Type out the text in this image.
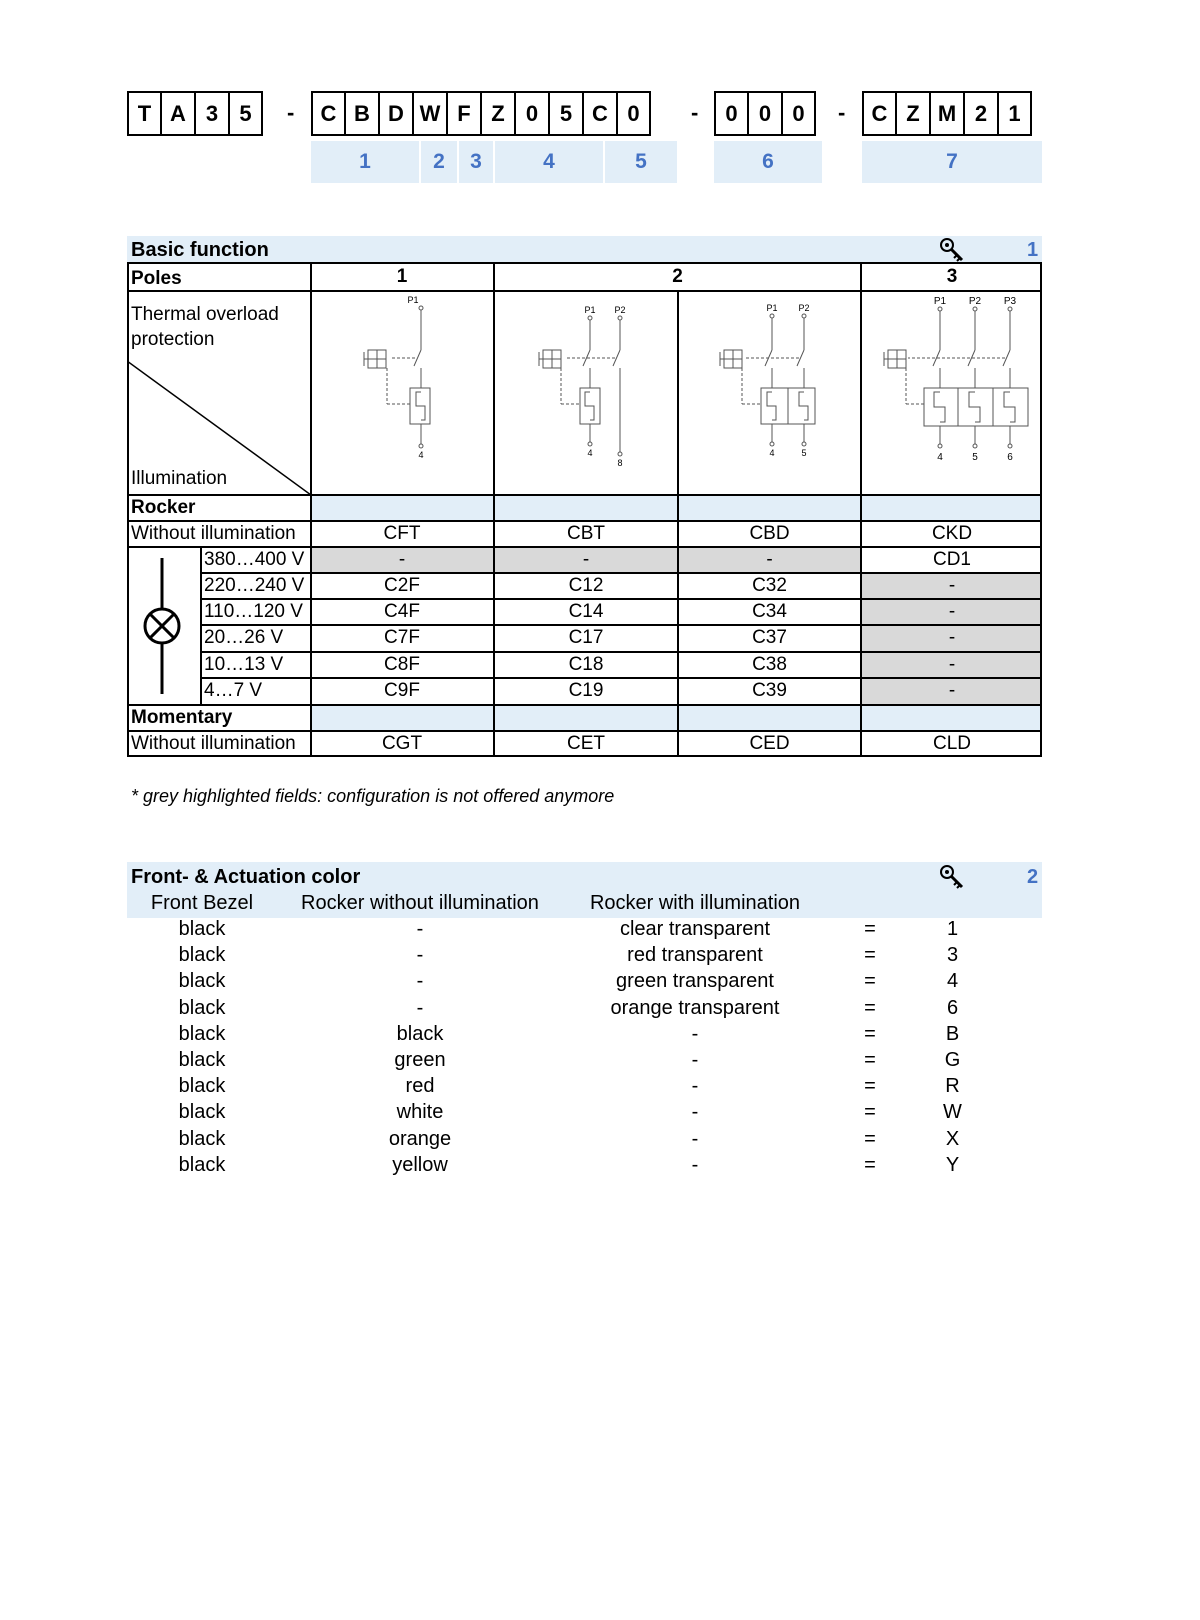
T A 3 5	-	C B D W F Z 0 5 C 0	-	0 0 0	-	C Z M 2 1
1	2	3	4	5	6	7
Basic function	1
Poles	1	2	3
Thermal overload protection
Illumination
P1
4
P1 P2
4
8
P1 P2
4	5
P1 P2 P3
4	5	6
Rocker
Without illumination	CFT	CBT	CBD	CKD
380…400 V	-	-	-	CD1
220…240 V	C2F	C12	C32	-
110…120 V	C4F	C14	C34	-
20…26 V	C7F	C17	C37	-
10…13 V	C8F	C18	C38	-
4…7 V	C9F	C19	C39	-
Momentary
Without illumination	CGT	CET	CED	CLD
* grey highlighted fields: configuration is not offered anymore
Front- & Actuation color	2
Front Bezel	Rocker without illumination	Rocker with illumination
black	-	clear transparent	=	1
black	-	red transparent	=	3
black	-	green transparent	=	4
black	-	orange transparent	=	6
black	black	-	=	B
black	green	-	=	G
black	red	-	=	R
black	white	-	=	W
black	orange	-	=	X
black	yellow	-	=	Y
